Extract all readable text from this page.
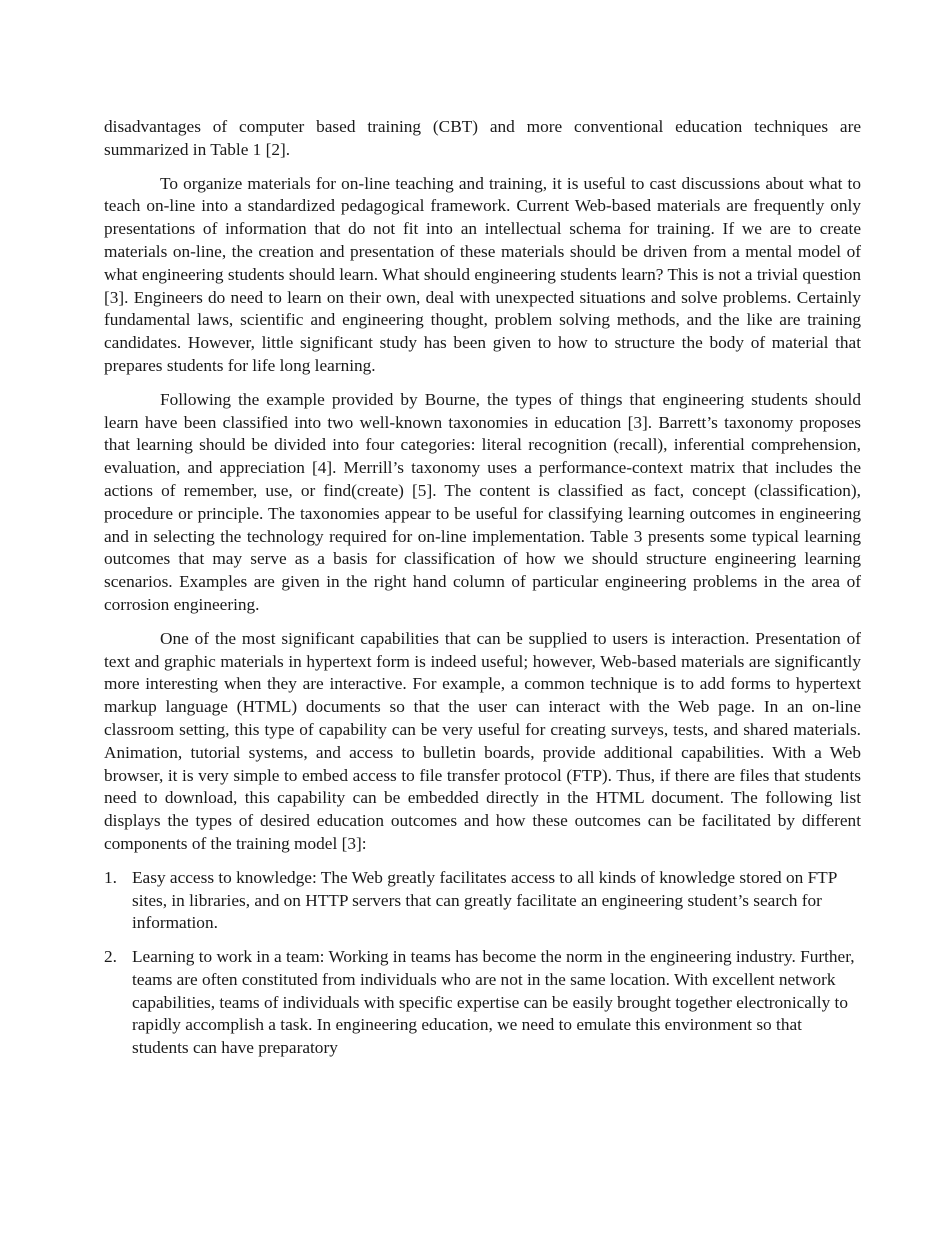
disadvantages of computer based training (CBT) and more conventional education techniques are summarized in Table 1 [2].

To organize materials for on-line teaching and training, it is useful to cast discussions about what to teach on-line into a standardized pedagogical framework. Current Web-based materials are frequently only presentations of information that do not fit into an intellectual schema for training. If we are to create materials on-line, the creation and presentation of these materials should be driven from a mental model of what engineering students should learn. What should engineering students learn? This is not a trivial question [3]. Engineers do need to learn on their own, deal with unexpected situations and solve problems. Certainly fundamental laws, scientific and engineering thought, problem solving methods, and the like are training candidates. However, little significant study has been given to how to structure the body of material that prepares students for life long learning.

Following the example provided by Bourne, the types of things that engineering students should learn have been classified into two well-known taxonomies in education [3]. Barrett’s taxonomy proposes that learning should be divided into four categories: literal recognition (recall), inferential comprehension, evaluation, and appreciation [4]. Merrill’s taxonomy uses a performance-context matrix that includes the actions of remember, use, or find(create) [5]. The content is classified as fact, concept (classification), procedure or principle. The taxonomies appear to be useful for classifying learning outcomes in engineering and in selecting the technology required for on-line implementation. Table 3 presents some typical learning outcomes that may serve as a basis for classification of how we should structure engineering learning scenarios. Examples are given in the right hand column of particular engineering problems in the area of corrosion engineering.

One of the most significant capabilities that can be supplied to users is interaction. Presentation of text and graphic materials in hypertext form is indeed useful; however, Web-based materials are significantly more interesting when they are interactive. For example, a common technique is to add forms to hypertext markup language (HTML) documents so that the user can interact with the Web page. In an on-line classroom setting, this type of capability can be very useful for creating surveys, tests, and shared materials. Animation, tutorial systems, and access to bulletin boards, provide additional capabilities. With a Web browser, it is very simple to embed access to file transfer protocol (FTP). Thus, if there are files that students need to download, this capability can be embedded directly in the HTML document. The following list displays the types of desired education outcomes and how these outcomes can be facilitated by different components of the training model [3]:

1. Easy access to knowledge: The Web greatly facilitates access to all kinds of knowledge stored on FTP sites, in libraries, and on HTTP servers that can greatly facilitate an engineering student’s search for information.
2. Learning to work in a team: Working in teams has become the norm in the engineering industry. Further, teams are often constituted from individuals who are not in the same location. With excellent network capabilities, teams of individuals with specific expertise can be easily brought together electronically to rapidly accomplish a task. In engineering education, we need to emulate this environment so that students can have preparatory
